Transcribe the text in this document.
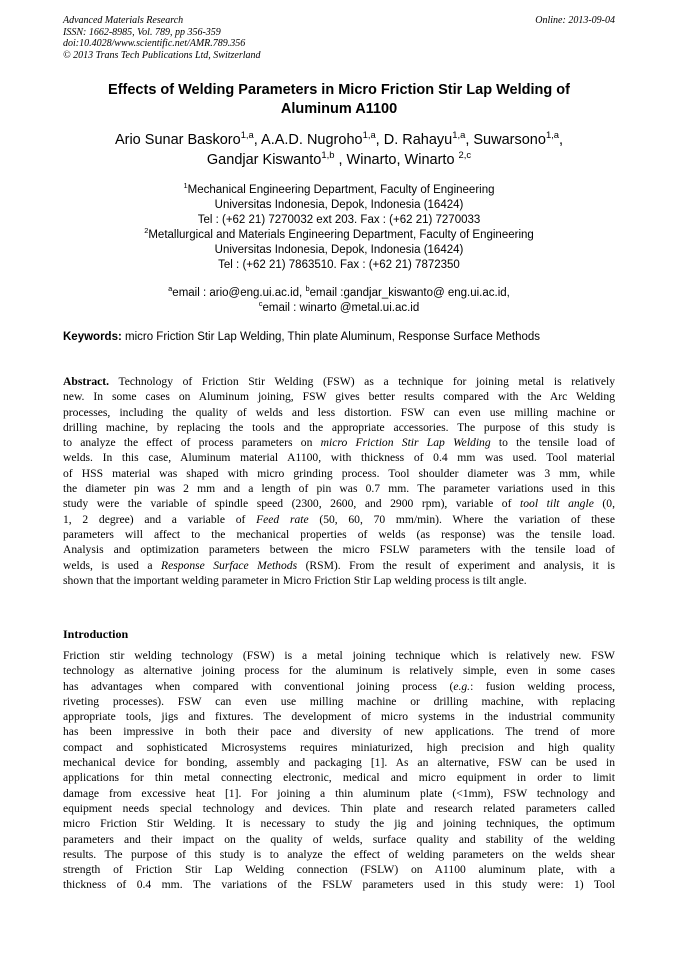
Advanced Materials Research
ISSN: 1662-8985, Vol. 789, pp 356-359
doi:10.4028/www.scientific.net/AMR.789.356
© 2013 Trans Tech Publications Ltd, Switzerland
Online: 2013-09-04
Effects of Welding Parameters in Micro Friction Stir Lap Welding of
Aluminum A1100
Ario Sunar Baskoro$^{1,a}$, A.A.D. Nugroho$^{1,a}$, D. Rahayu$^{1,a}$, Suwarsono$^{1,a}$,
Gandjar Kiswanto$^{1,b}$ , Winarto, Winarto $^{2,c}$
$^1$Mechanical Engineering Department, Faculty of Engineering
Universitas Indonesia, Depok, Indonesia (16424)
Tel : (+62 21) 7270032 ext 203. Fax : (+62 21) 7270033
$^2$Metallurgical and Materials Engineering Department, Faculty of Engineering
Universitas Indonesia, Depok, Indonesia (16424)
Tel : (+62 21) 7863510. Fax : (+62 21) 7872350
$^a$email : ario@eng.ui.ac.id, $^b$email :gandjar_kiswanto@ eng.ui.ac.id,
$^c$email : winarto @metal.ui.ac.id
Keywords: micro Friction Stir Lap Welding, Thin plate Aluminum, Response Surface Methods
Abstract. Technology of Friction Stir Welding (FSW) as a technique for joining metal is relatively
new. In some cases on Aluminum joining, FSW gives better results compared with the Arc Welding
processes, including the quality of welds and less distortion. FSW can even use milling machine or
drilling machine, by replacing the tools and the appropriate accessories. The purpose of this study is
to analyze the effect of process parameters on micro Friction Stir Lap Welding to the tensile load of
welds. In this case, Aluminum material A1100, with thickness of 0.4 mm was used. Tool material
of HSS material was shaped with micro grinding process. Tool shoulder diameter was 3 mm, while
the diameter pin was 2 mm and a length of pin was 0.7 mm. The parameter variations used in this
study were the variable of spindle speed (2300, 2600, and 2900 rpm), variable of tool tilt angle (0,
1, 2 degree) and a variable of Feed rate (50, 60, 70 mm/min). Where the variation of these
parameters will affect to the mechanical properties of welds (as response) was the tensile load.
Analysis and optimization parameters between the micro FSLW parameters with the tensile load of
welds, is used a Response Surface Methods (RSM). From the result of experiment and analysis, it is
shown that the important welding parameter in Micro Friction Stir Lap welding process is tilt angle.
Introduction
Friction stir welding technology (FSW) is a metal joining technique which is relatively new. FSW
technology as alternative joining process for the aluminum is relatively simple, even in some cases
has advantages when compared with conventional joining process (e.g.: fusion welding process,
riveting processes). FSW can even use milling machine or drilling machine, with replacing
appropriate tools, jigs and fixtures. The development of micro systems in the industrial community
has been impressive in both their pace and diversity of new applications. The trend of more
compact and sophisticated Microsystems requires miniaturized, high precision and high quality
mechanical device for bonding, assembly and packaging [1]. As an alternative, FSW can be used in
applications for thin metal connecting electronic, medical and micro equipment in order to limit
damage from excessive heat [1]. For joining a thin aluminum plate (<1mm), FSW technology and
equipment needs special technology and devices. Thin plate and research related parameters called
micro Friction Stir Welding. It is necessary to study the jig and joining techniques, the optimum
parameters and their impact on the quality of welds, surface quality and stability of the welding
results. The purpose of this study is to analyze the effect of welding parameters on the welds shear
strength of Friction Stir Lap Welding connection (FSLW) on A1100 aluminum plate, with a
thickness of 0.4 mm. The variations of the FSLW parameters used in this study were: 1) Tool
